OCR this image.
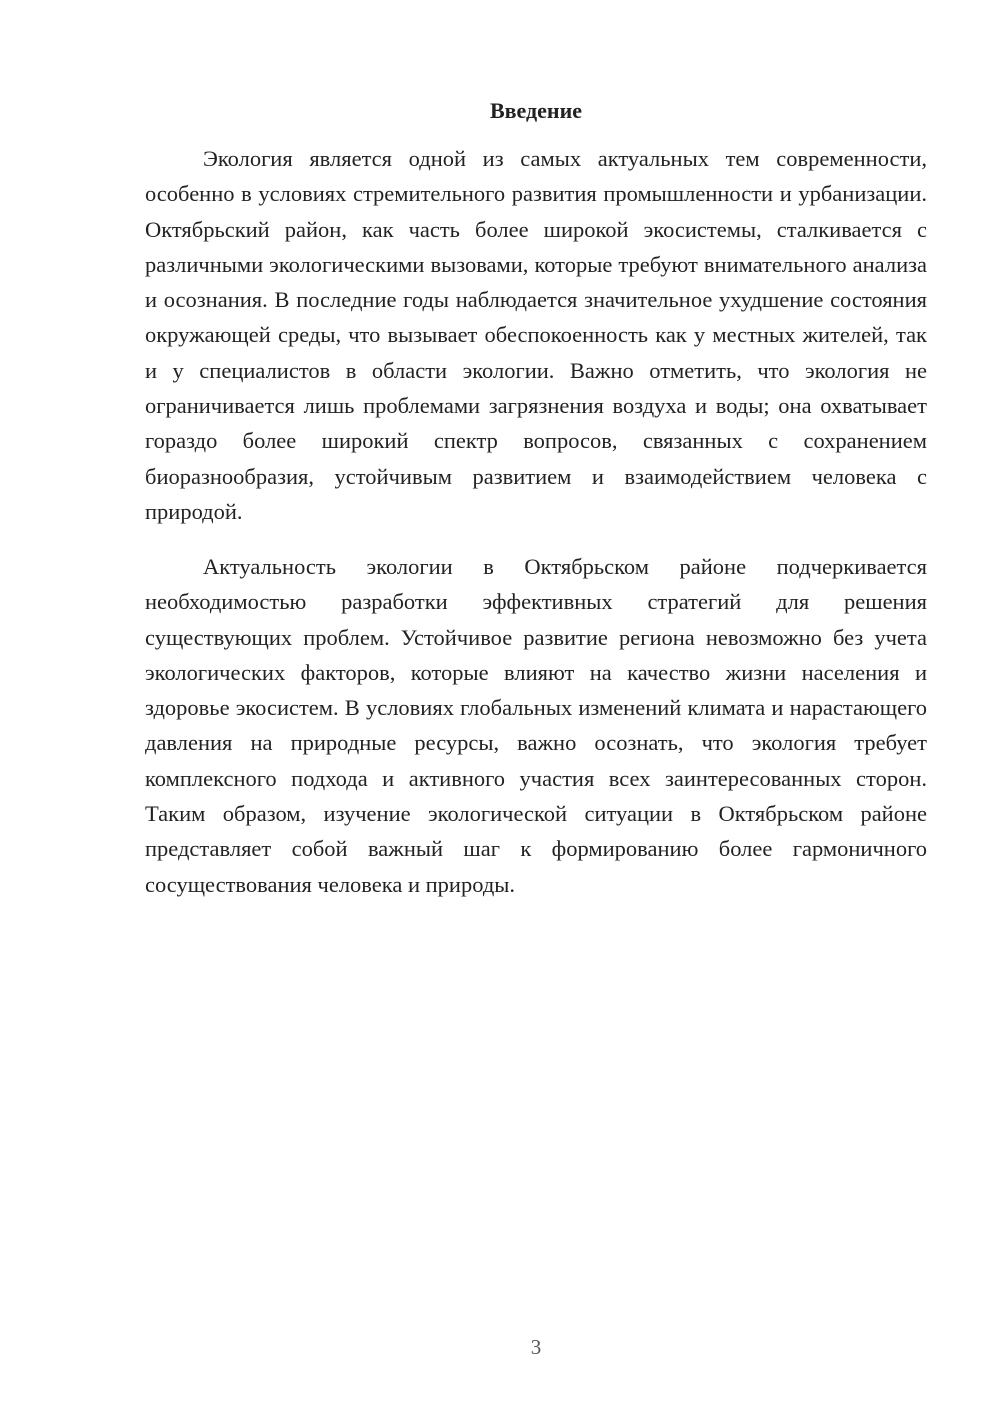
Введение

Экология является одной из самых актуальных тем современности, особенно в условиях стремительного развития промышленности и урбанизации. Октябрьский район, как часть более широкой экосистемы, сталкивается с различными экологическими вызовами, которые требуют внимательного анализа и осознания. В последние годы наблюдается значительное ухудшение состояния окружающей среды, что вызывает обеспокоенность как у местных жителей, так и у специалистов в области экологии. Важно отметить, что экология не ограничивается лишь проблемами загрязнения воздуха и воды; она охватывает гораздо более широкий спектр вопросов, связанных с сохранением биоразнообразия, устойчивым развитием и взаимодействием человека с природой.

Актуальность экологии в Октябрьском районе подчеркивается необходимостью разработки эффективных стратегий для решения существующих проблем. Устойчивое развитие региона невозможно без учета экологических факторов, которые влияют на качество жизни населения и здоровье экосистем. В условиях глобальных изменений климата и нарастающего давления на природные ресурсы, важно осознать, что экология требует комплексного подхода и активного участия всех заинтересованных сторон. Таким образом, изучение экологической ситуации в Октябрьском районе представляет собой важный шаг к формированию более гармоничного сосуществования человека и природы.

3
